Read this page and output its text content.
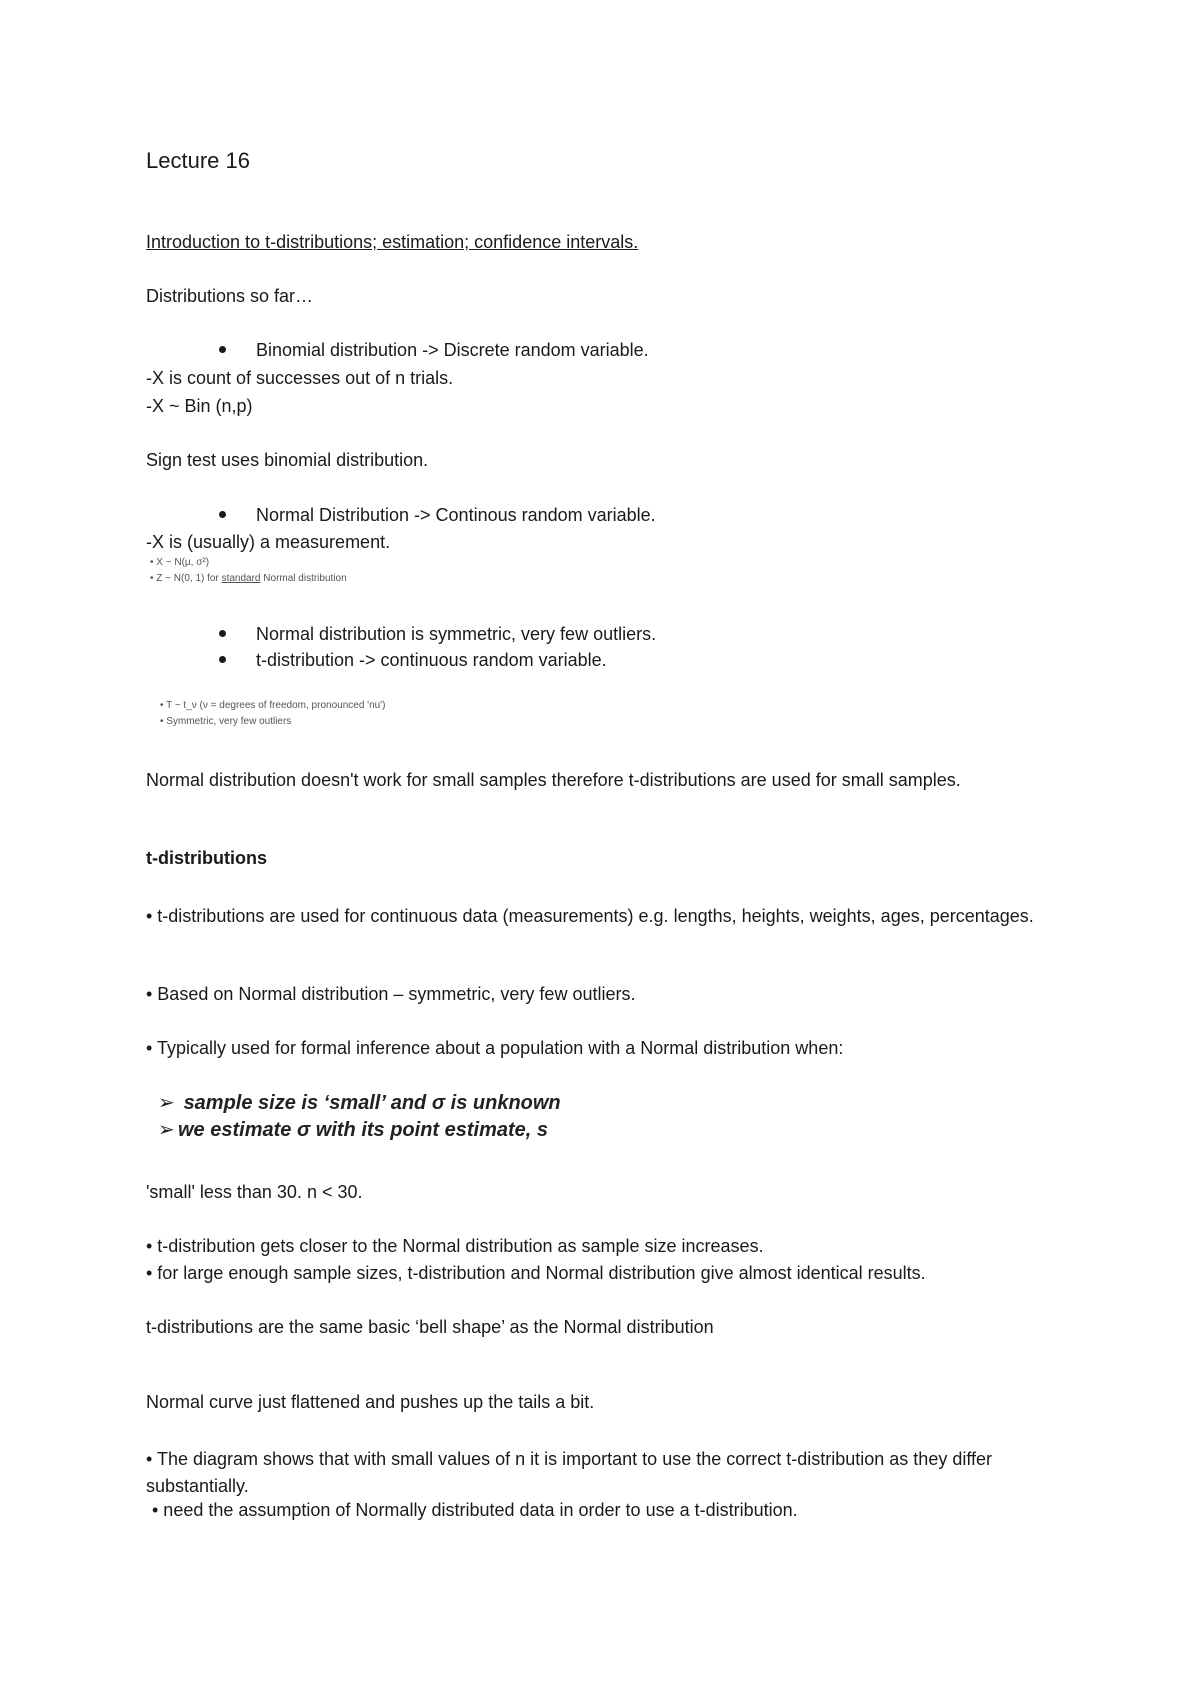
Lecture 16

Introduction to t-distributions; estimation; confidence intervals.

Distributions so far…

Binomial distribution -> Discrete random variable.

-X is count of successes out of n trials.

-X ~ Bin (n,p)

Sign test uses binomial distribution.

Normal Distribution -> Continous random variable.

-X is (usually) a measurement.

• X ~ N(μ, σ²)

• Z ~ N(0, 1) for standard Normal distribution

Normal distribution is symmetric, very few outliers.

t-distribution -> continuous random variable.

• T ~ t_ν (ν = degrees of freedom, pronounced 'nu')

• Symmetric, very few outliers

Normal distribution doesn't work for small samples therefore t-distributions are used for small samples.

t-distributions

• t-distributions are used for continuous data (measurements) e.g. lengths, heights, weights, ages, percentages.

• Based on Normal distribution – symmetric, very few outliers.

• Typically used for formal inference about a population with a Normal distribution when:

➢ sample size is ‘small’ and σ is unknown

➢ we estimate σ with its point estimate, s

'small' less than 30. n < 30.

• t-distribution gets closer to the Normal distribution as sample size increases.

• for large enough sample sizes, t-distribution and Normal distribution give almost identical results.

t-distributions are the same basic ‘bell shape’ as the Normal distribution

Normal curve just flattened and pushes up the tails a bit.

• The diagram shows that with small values of n it is important to use the correct t-distribution as they differ substantially.

• need the assumption of Normally distributed data in order to use a t-distribution.
